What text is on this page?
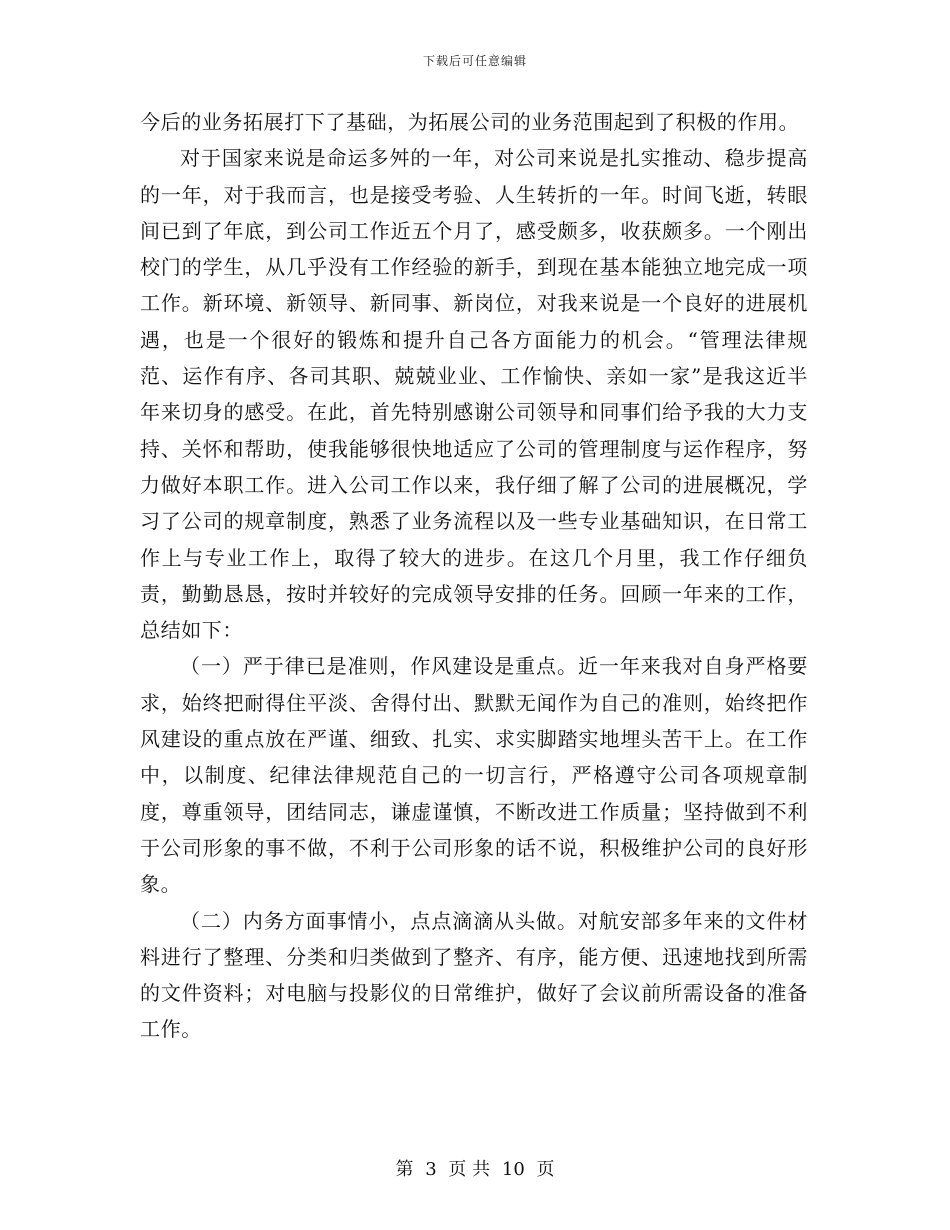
下载后可任意编辑

今后的业务拓展打下了基础，为拓展公司的业务范围起到了积极的作用。

对于国家来说是命运多舛的一年，对公司来说是扎实推动、稳步提高的一年，对于我而言，也是接受考验、人生转折的一年。时间飞逝，转眼间已到了年底，到公司工作近五个月了，感受颇多，收获颇多。一个刚出校门的学生，从几乎没有工作经验的新手，到现在基本能独立地完成一项工作。新环境、新领导、新同事、新岗位，对我来说是一个良好的进展机遇，也是一个很好的锻炼和提升自己各方面能力的机会。“管理法律规范、运作有序、各司其职、兢兢业业、工作愉快、亲如一家”是我这近半年来切身的感受。在此，首先特别感谢公司领导和同事们给予我的大力支持、关怀和帮助，使我能够很快地适应了公司的管理制度与运作程序，努力做好本职工作。进入公司工作以来，我仔细了解了公司的进展概况，学习了公司的规章制度，熟悉了业务流程以及一些专业基础知识，在日常工作上与专业工作上，取得了较大的进步。在这几个月里，我工作仔细负责，勤勤恳恳，按时并较好的完成领导安排的任务。回顾一年来的工作，总结如下：

（一）严于律已是准则，作风建设是重点。近一年来我对自身严格要求，始终把耐得住平淡、舍得付出、默默无闻作为自己的准则，始终把作风建设的重点放在严谨、细致、扎实、求实脚踏实地埋头苦干上。在工作中，以制度、纪律法律规范自己的一切言行，严格遵守公司各项规章制度，尊重领导，团结同志，谦虚谨慎，不断改进工作质量；坚持做到不利于公司形象的事不做，不利于公司形象的话不说，积极维护公司的良好形象。

（二）内务方面事情小，点点滴滴从头做。对航安部多年来的文件材料进行了整理、分类和归类做到了整齐、有序，能方便、迅速地找到所需的文件资料；对电脑与投影仪的日常维护，做好了会议前所需设备的准备工作。

第 3 页 共 10 页
